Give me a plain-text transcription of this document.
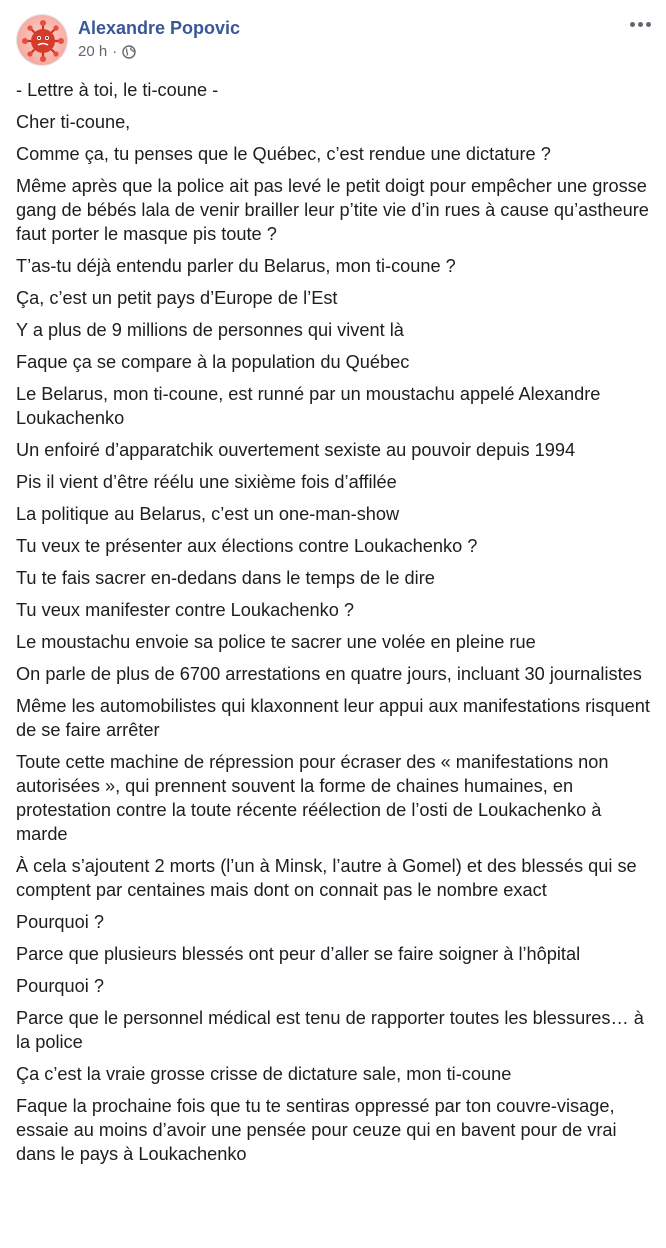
Alexandre Popovic
20 h ·

- Lettre à toi, le ti-coune -

Cher ti-coune,

Comme ça, tu penses que le Québec, c’est rendue une dictature ?

Même après que la police ait pas levé le petit doigt pour empêcher une grosse gang de bébés lala de venir brailler leur p’tite vie d’in rues à cause qu’astheure faut porter le masque pis toute ?

T’as-tu déjà entendu parler du Belarus, mon ti-coune ?

Ça, c’est un petit pays d’Europe de l’Est

Y a plus de 9 millions de personnes qui vivent là

Faque ça se compare à la population du Québec

Le Belarus, mon ti-coune, est runné par un moustachu appelé Alexandre Loukachenko

Un enfoiré d’apparatchik ouvertement sexiste au pouvoir depuis 1994

Pis il vient d’être réélu une sixième fois d’affilée

La politique au Belarus, c’est un one-man-show

Tu veux te présenter aux élections contre Loukachenko ?

Tu te fais sacrer en-dedans dans le temps de le dire

Tu veux manifester contre Loukachenko ?

Le moustachu envoie sa police te sacrer une volée en pleine rue

On parle de plus de 6700 arrestations en quatre jours, incluant 30 journalistes

Même les automobilistes qui klaxonnent leur appui aux manifestations risquent de se faire arrêter

Toute cette machine de répression pour écraser des « manifestations non autorisées », qui prennent souvent la forme de chaines humaines, en protestation contre la toute récente réélection de l’osti de Loukachenko à marde

À cela s’ajoutent 2 morts (l’un à Minsk, l’autre à Gomel) et des blessés qui se comptent par centaines mais dont on connait pas le nombre exact

Pourquoi ?

Parce que plusieurs blessés ont peur d’aller se faire soigner à l’hôpital

Pourquoi ?

Parce que le personnel médical est tenu de rapporter toutes les blessures… à la police

Ça c’est la vraie grosse crisse de dictature sale, mon ti-coune

Faque la prochaine fois que tu te sentiras oppressé par ton couvre-visage, essaie au moins d’avoir une pensée pour ceuze qui en bavent pour de vrai dans le pays à Loukachenko
